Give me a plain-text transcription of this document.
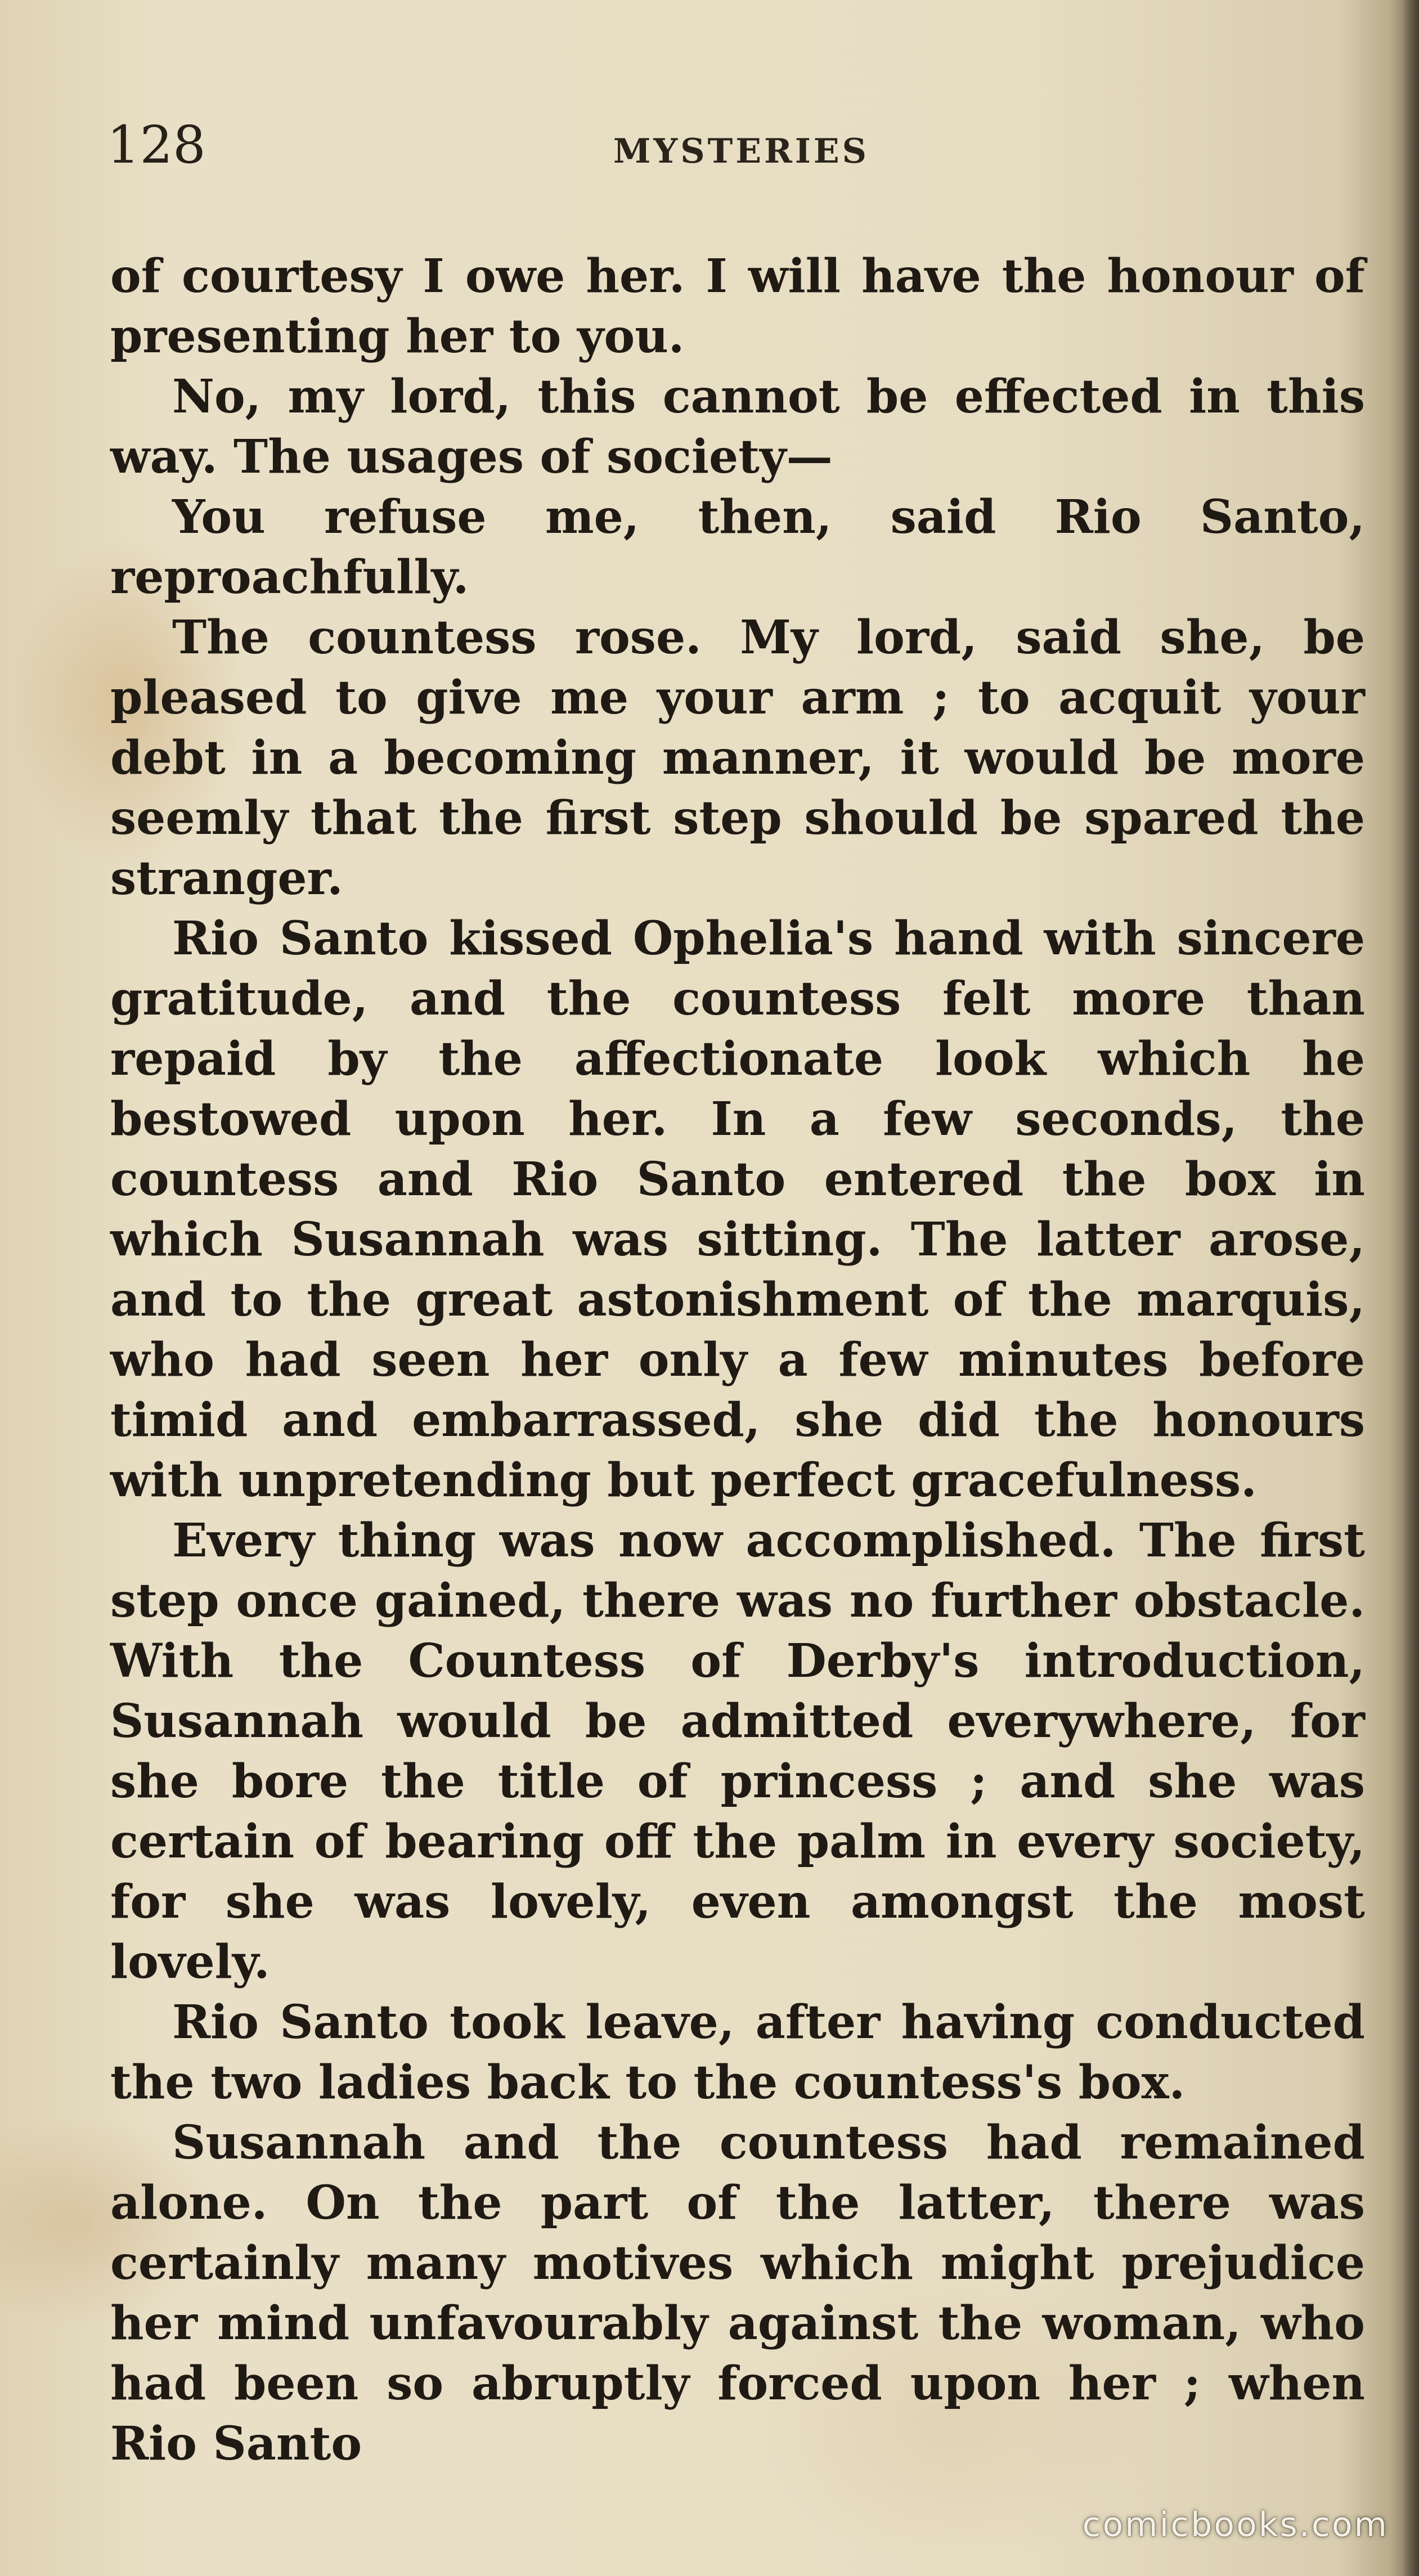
128	MYSTERIES

of courtesy I owe her. I will have the honour of presenting her to you.

No, my lord, this cannot be effected in this way. The usages of society—

You refuse me, then, said Rio Santo, reproachfully.

The countess rose. My lord, said she, be pleased to give me your arm ; to acquit your debt in a becoming manner, it would be more seemly that the first step should be spared the stranger.

Rio Santo kissed Ophelia's hand with sincere gratitude, and the countess felt more than repaid by the affectionate look which he bestowed upon her. In a few seconds, the countess and Rio Santo entered the box in which Susannah was sitting. The latter arose, and to the great astonishment of the marquis, who had seen her only a few minutes before timid and embarrassed, she did the honours with unpretending but perfect gracefulness.

Every thing was now accomplished. The first step once gained, there was no further obstacle. With the Countess of Derby's introduction, Susannah would be admitted everywhere, for she bore the title of princess ; and she was certain of bearing off the palm in every society, for she was lovely, even amongst the most lovely.

Rio Santo took leave, after having conducted the two ladies back to the countess's box.

Susannah and the countess had remained alone. On the part of the latter, there was certainly many motives which might prejudice her mind unfavourably against the woman, who had been so abruptly forced upon her ; when Rio Santo

comicbooks.com
